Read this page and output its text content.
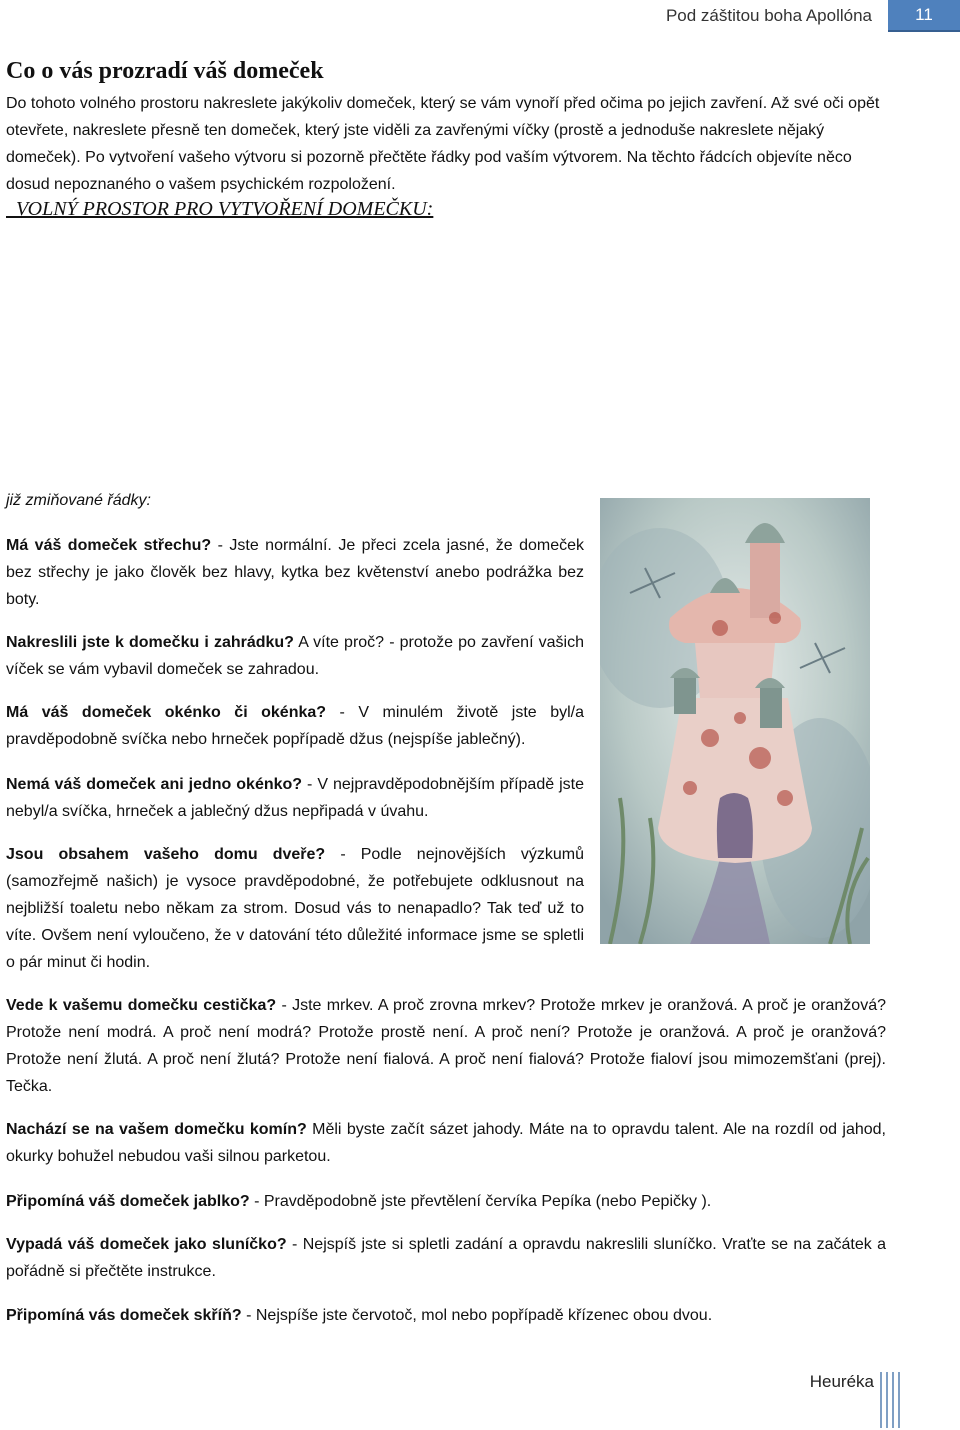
Pod záštitou boha Apollóna	11
Co o vás prozradí váš domeček

Do tohoto volného prostoru nakreslete jakýkoliv domeček, který se vám vynoří před očima po jejich zavření. Až své oči opět otevřete, nakreslete přesně ten domeček, který jste viděli za zavřenými víčky (prostě a jednoduše nakreslete nějaký domeček). Po vytvoření vašeho výtvoru si pozorně přečtěte řádky pod vaším výtvorem. Na těchto řádcích objevíte něco dosud nepoznaného o vašem psychickém rozpoložení.

VOLNÝ PROSTOR PRO VYTVOŘENÍ DOMEČKU:

již zmiňované řádky:

Má váš domeček střechu? - Jste normální. Je přeci zcela jasné, že domeček bez střechy je jako člověk bez hlavy, kytka bez květenství anebo podrážka bez boty.

Nakreslili jste k domečku i zahrádku? A víte proč? - protože po zavření vašich víček se vám vybavil domeček se zahradou.

Má váš domeček okénko či okénka? - V minulém životě jste byl/a pravděpodobně svíčka nebo hrneček popřípadě džus (nejspíše jablečný).

Nemá váš domeček ani jedno okénko? - V nejpravděpodobnějším případě jste nebyl/a svíčka, hrneček a jablečný džus nepřipadá v úvahu.

Jsou obsahem vašeho domu dveře? - Podle nejnovějších výzkumů (samozřejmě našich) je vysoce pravděpodobné, že potřebujete odklusnout na nejbližší toaletu nebo někam za strom. Dosud vás to nenapadlo? Tak teď už to víte. Ovšem není vyloučeno, že v datování této důležité informace jsme se spletli o pár minut či hodin.

Vede k vašemu domečku cestička? - Jste mrkev. A proč zrovna mrkev? Protože mrkev je oranžová. A proč je oranžová? Protože není modrá. A proč není modrá? Protože prostě není. A proč není? Protože je oranžová. A proč je oranžová? Protože není žlutá. A proč není žlutá? Protože není fialová. A proč není fialová? Protože fialoví jsou mimozemšťani (prej). Tečka.

Nachází se na vašem domečku komín? Měli byste začít sázet jahody. Máte na to opravdu talent. Ale na rozdíl od jahod, okurky bohužel nebudou vaši silnou parketou.

Připomíná váš domeček jablko? - Pravděpodobně jste převtělení červíka Pepíka (nebo Pepičky ).

Vypadá váš domeček jako sluníčko? - Nejspíš jste si spletli zadání a opravdu nakreslili sluníčko. Vraťte se na začátek a pořádně si přečtěte instrukce.

Připomíná vás domeček skříň? - Nejspíše jste červotoč, mol nebo popřípadě křízenec obou dvou.

Heuréka
